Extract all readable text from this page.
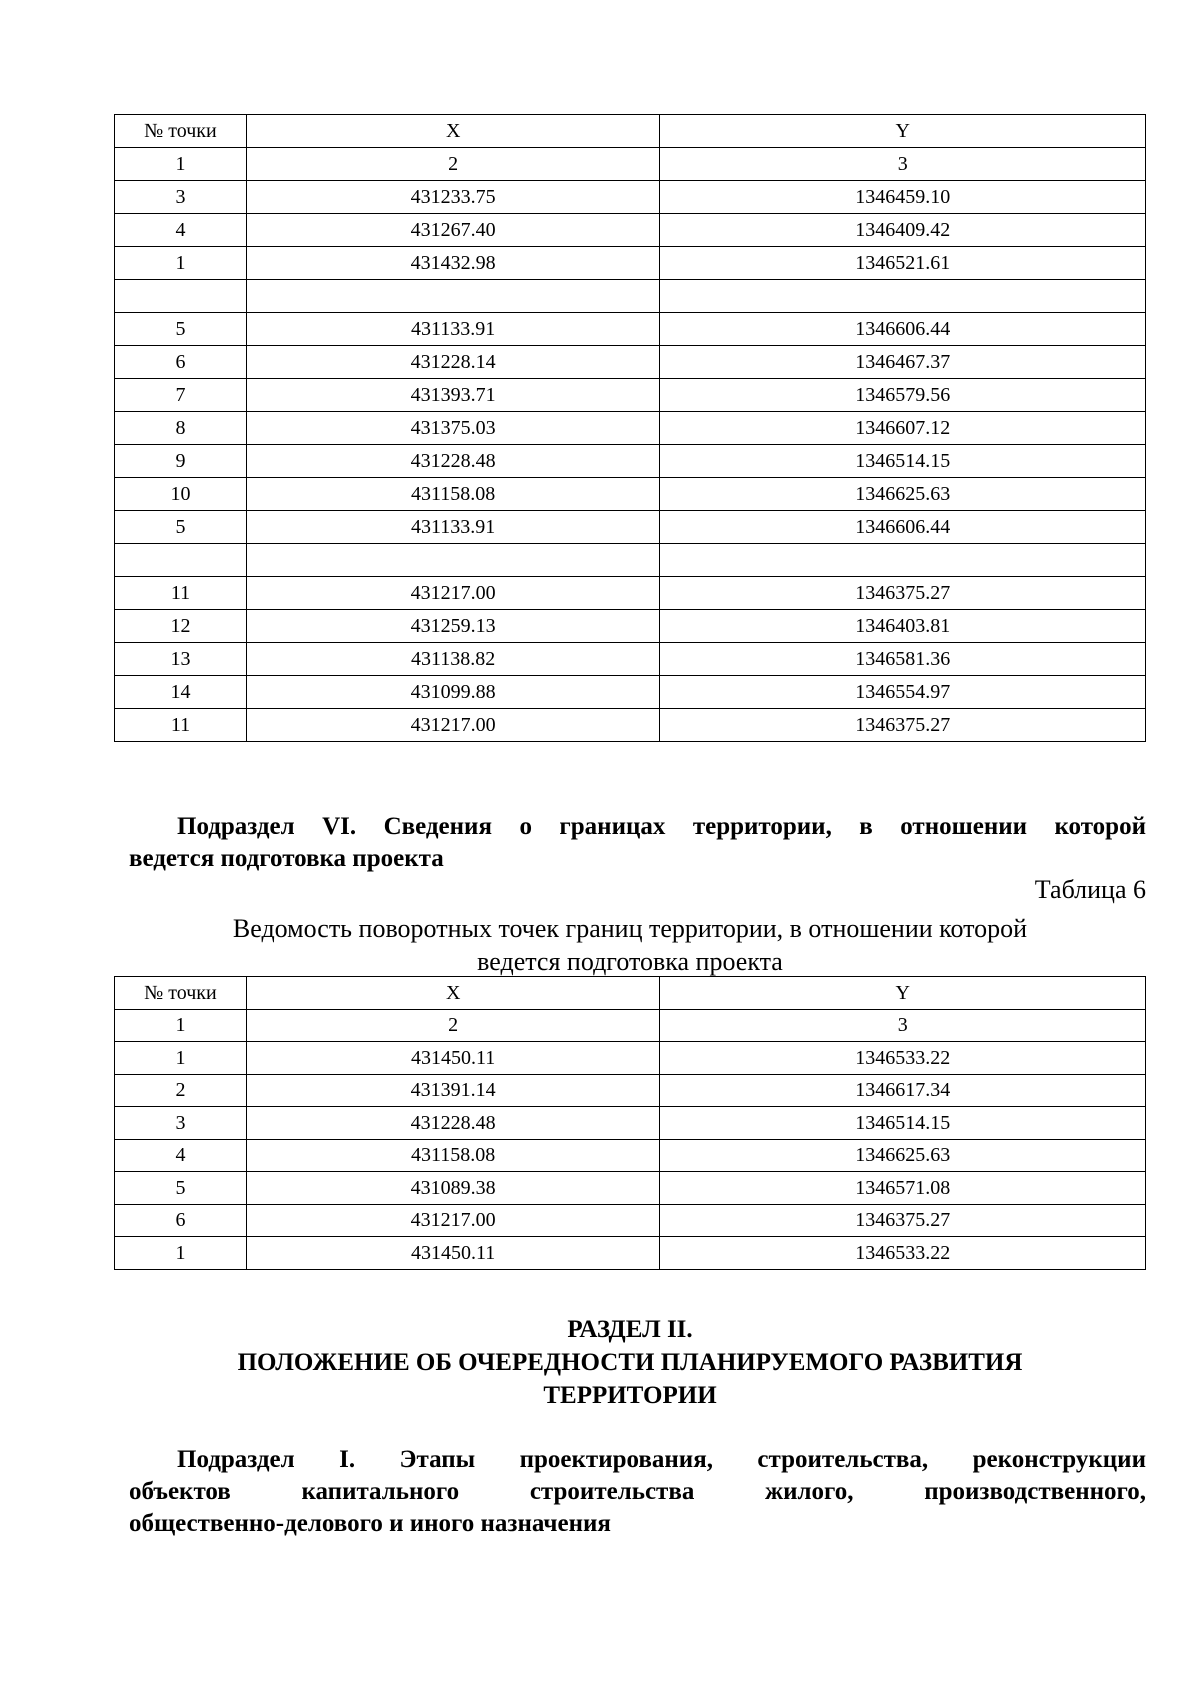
№ точки	X	Y
1	2	3
3	431233.75	1346459.10
4	431267.40	1346409.42
1	431432.98	1346521.61

5	431133.91	1346606.44
6	431228.14	1346467.37
7	431393.71	1346579.56
8	431375.03	1346607.12
9	431228.48	1346514.15
10	431158.08	1346625.63
5	431133.91	1346606.44

11	431217.00	1346375.27
12	431259.13	1346403.81
13	431138.82	1346581.36
14	431099.88	1346554.97
11	431217.00	1346375.27
Подраздел VI. Сведения о границах территории, в отношении которой
ведется подготовка проекта
Таблица 6
Ведомость поворотных точек границ территории, в отношении которой
ведется подготовка проекта
№ точки	X	Y
1	2	3
1	431450.11	1346533.22
2	431391.14	1346617.34
3	431228.48	1346514.15
4	431158.08	1346625.63
5	431089.38	1346571.08
6	431217.00	1346375.27
1	431450.11	1346533.22
РАЗДЕЛ II.
ПОЛОЖЕНИЕ ОБ ОЧЕРЕДНОСТИ ПЛАНИРУЕМОГО РАЗВИТИЯ
ТЕРРИТОРИИ
Подраздел I. Этапы проектирования, строительства, реконструкции
объектов капитального строительства жилого, производственного,
общественно-делового и иного назначения
